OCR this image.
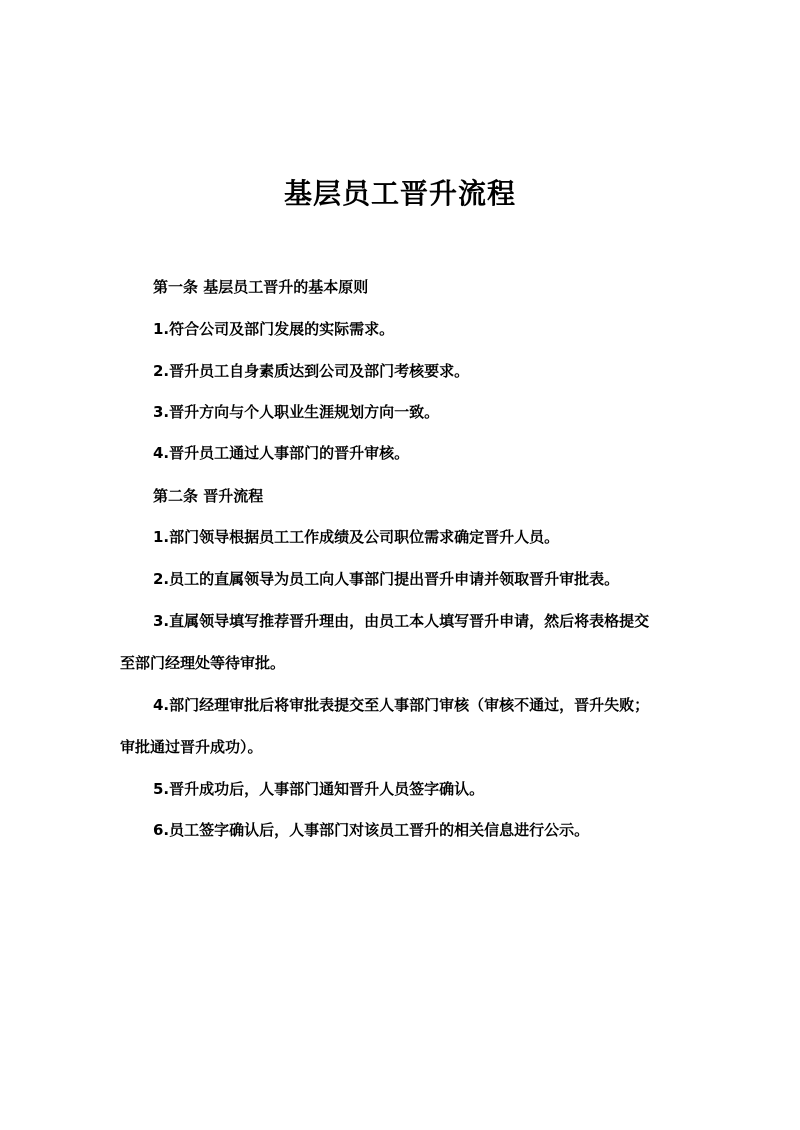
基层员工晋升流程
第一条 基层员工晋升的基本原则
1.符合公司及部门发展的实际需求。
2.晋升员工自身素质达到公司及部门考核要求。
3.晋升方向与个人职业生涯规划方向一致。
4.晋升员工通过人事部门的晋升审核。
第二条 晋升流程
1.部门领导根据员工工作成绩及公司职位需求确定晋升人员。
2.员工的直属领导为员工向人事部门提出晋升申请并领取晋升审批表。
3.直属领导填写推荐晋升理由，由员工本人填写晋升申请，然后将表格提交
至部门经理处等待审批。
4.部门经理审批后将审批表提交至人事部门审核（审核不通过，晋升失败；
审批通过晋升成功）。
5.晋升成功后，人事部门通知晋升人员签字确认。
6.员工签字确认后，人事部门对该员工晋升的相关信息进行公示。
